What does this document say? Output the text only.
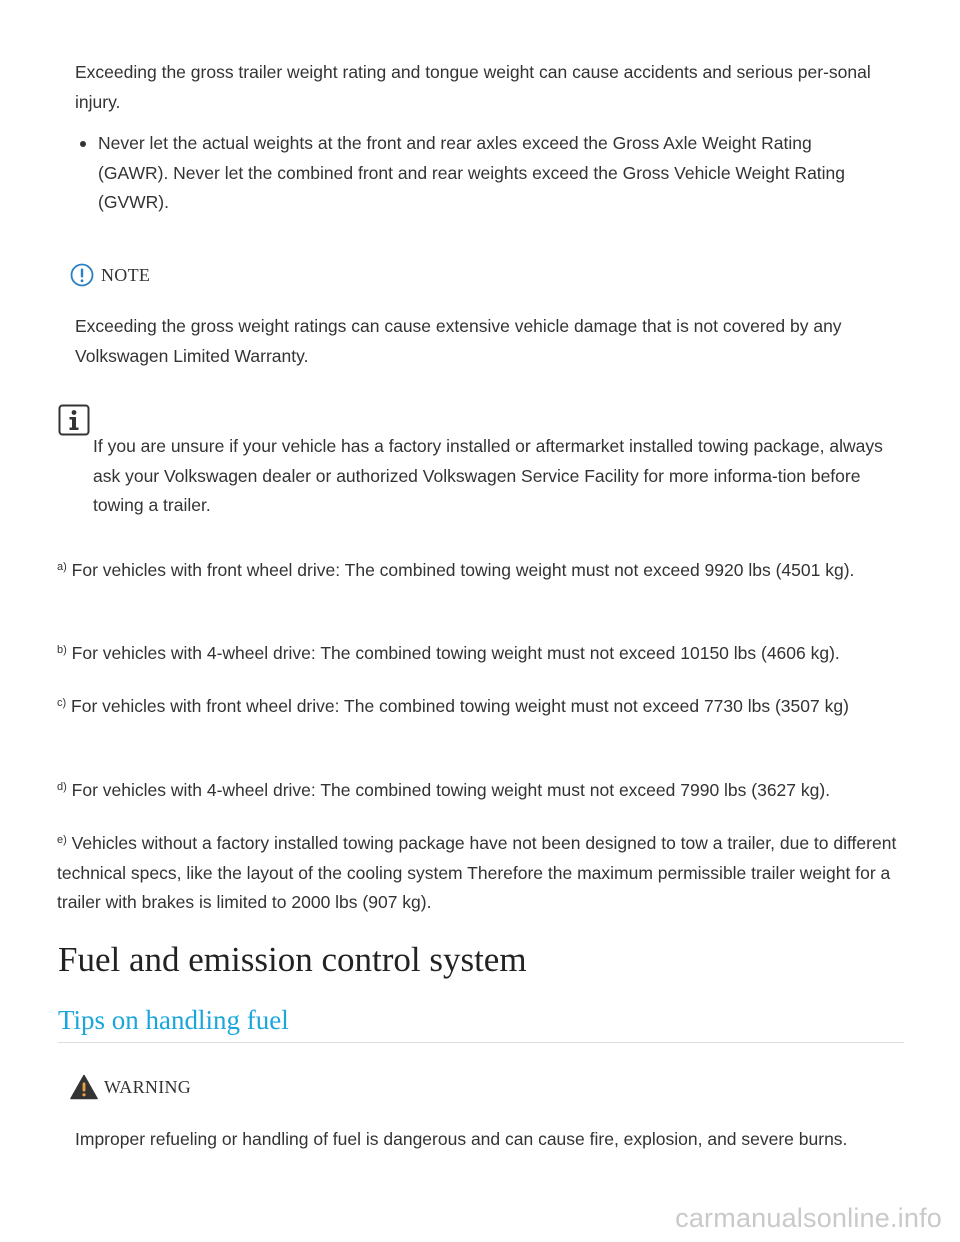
Exceeding the gross trailer weight rating and tongue weight can cause accidents and serious per-sonal injury.
Never let the actual weights at the front and rear axles exceed the Gross Axle Weight Rating (GAWR). Never let the combined front and rear weights exceed the Gross Vehicle Weight Rating (GVWR).
NOTE
Exceeding the gross weight ratings can cause extensive vehicle damage that is not covered by any Volkswagen Limited Warranty.
If you are unsure if your vehicle has a factory installed or aftermarket installed towing package, always ask your Volkswagen dealer or authorized Volkswagen Service Facility for more informa-tion before towing a trailer.
$^{a)}$ For vehicles with front wheel drive: The combined towing weight must not exceed 9920 lbs (4501 kg).
$^{b)}$ For vehicles with 4-wheel drive: The combined towing weight must not exceed 10150 lbs (4606 kg).
$^{c)}$ For vehicles with front wheel drive: The combined towing weight must not exceed 7730 lbs (3507 kg)
$^{d)}$ For vehicles with 4-wheel drive: The combined towing weight must not exceed 7990 lbs (3627 kg).
$^{e)}$ Vehicles without a factory installed towing package have not been designed to tow a trailer, due to different technical specs, like the layout of the cooling system Therefore the maximum permissible trailer weight for a trailer with brakes is limited to 2000 lbs (907 kg).
Fuel and emission control system
Tips on handling fuel
WARNING
Improper refueling or handling of fuel is dangerous and can cause fire, explosion, and severe burns.
carmanualsonline.info
